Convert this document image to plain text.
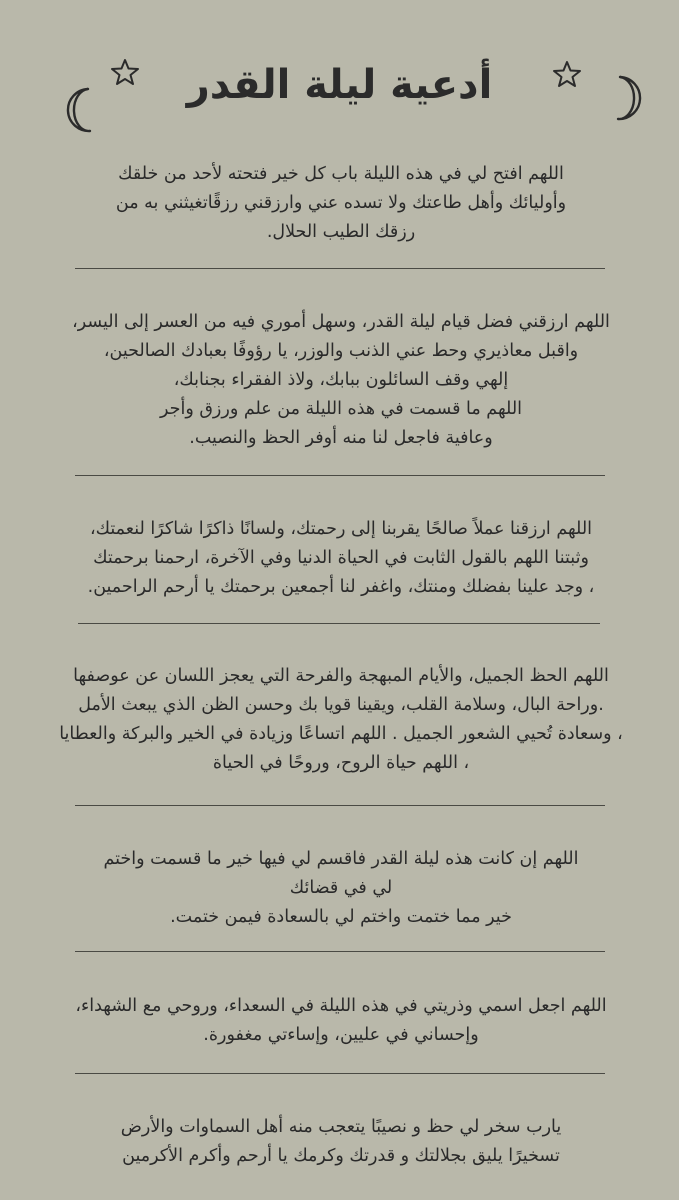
أدعية ليلة القدر
اللهم افتح لي في هذه الليلة باب كل خير فتحته لأحد من خلقك
وأوليائك وأهل طاعتك ولا تسده عني وارزقني رزقًاتغيثني به من
رزقك الطيب الحلال.
اللهم ارزقني فضل قيام ليلة القدر، وسهل أموري فيه من العسر إلى اليسر،
واقبل معاذيري وحط عني الذنب والوزر، يا رؤوفًا بعبادك الصالحين،
إلهي وقف السائلون ببابك، ولاذ الفقراء بجنابك،
اللهم ما قسمت في هذه الليلة من علم ورزق وأجر
وعافية فاجعل لنا منه أوفر الحظ والنصيب.
اللهم ارزقنا عملاً صالحًا يقربنا إلى رحمتك، ولسانًا ذاكرًا شاكرًا لنعمتك،
وثبتنا اللهم بالقول الثابت في الحياة الدنيا وفي الآخرة، ارحمنا برحمتك
، وجد علينا بفضلك ومنتك، واغفر لنا أجمعين برحمتك يا أرحم الراحمين.
اللهم الحظ الجميل، والأيام المبهجة والفرحة التي يعجز اللسان عن عوصفها
.وراحة البال، وسلامة القلب، ويقينا قويا بك وحسن الظن الذي يبعث الأمل
، وسعادة تُحيي الشعور الجميل . اللهم اتساعًا وزيادة في الخير والبركة والعطايا
، اللهم حياة الروح، وروحًا في الحياة
اللهم إن كانت هذه ليلة القدر فاقسم لي فيها خير ما قسمت واختم
لي في قضائك
خير مما ختمت واختم لي بالسعادة فيمن ختمت.
اللهم اجعل اسمي وذريتي في هذه الليلة في السعداء، وروحي مع الشهداء،
وإحساني في عليين، وإساءتي مغفورة.
يارب سخر لي حظ و نصيبًا يتعجب منه أهل السماوات والأرض
تسخيرًا يليق بجلالتك و قدرتك وكرمك يا أرحم وأكرم الأكرمين
